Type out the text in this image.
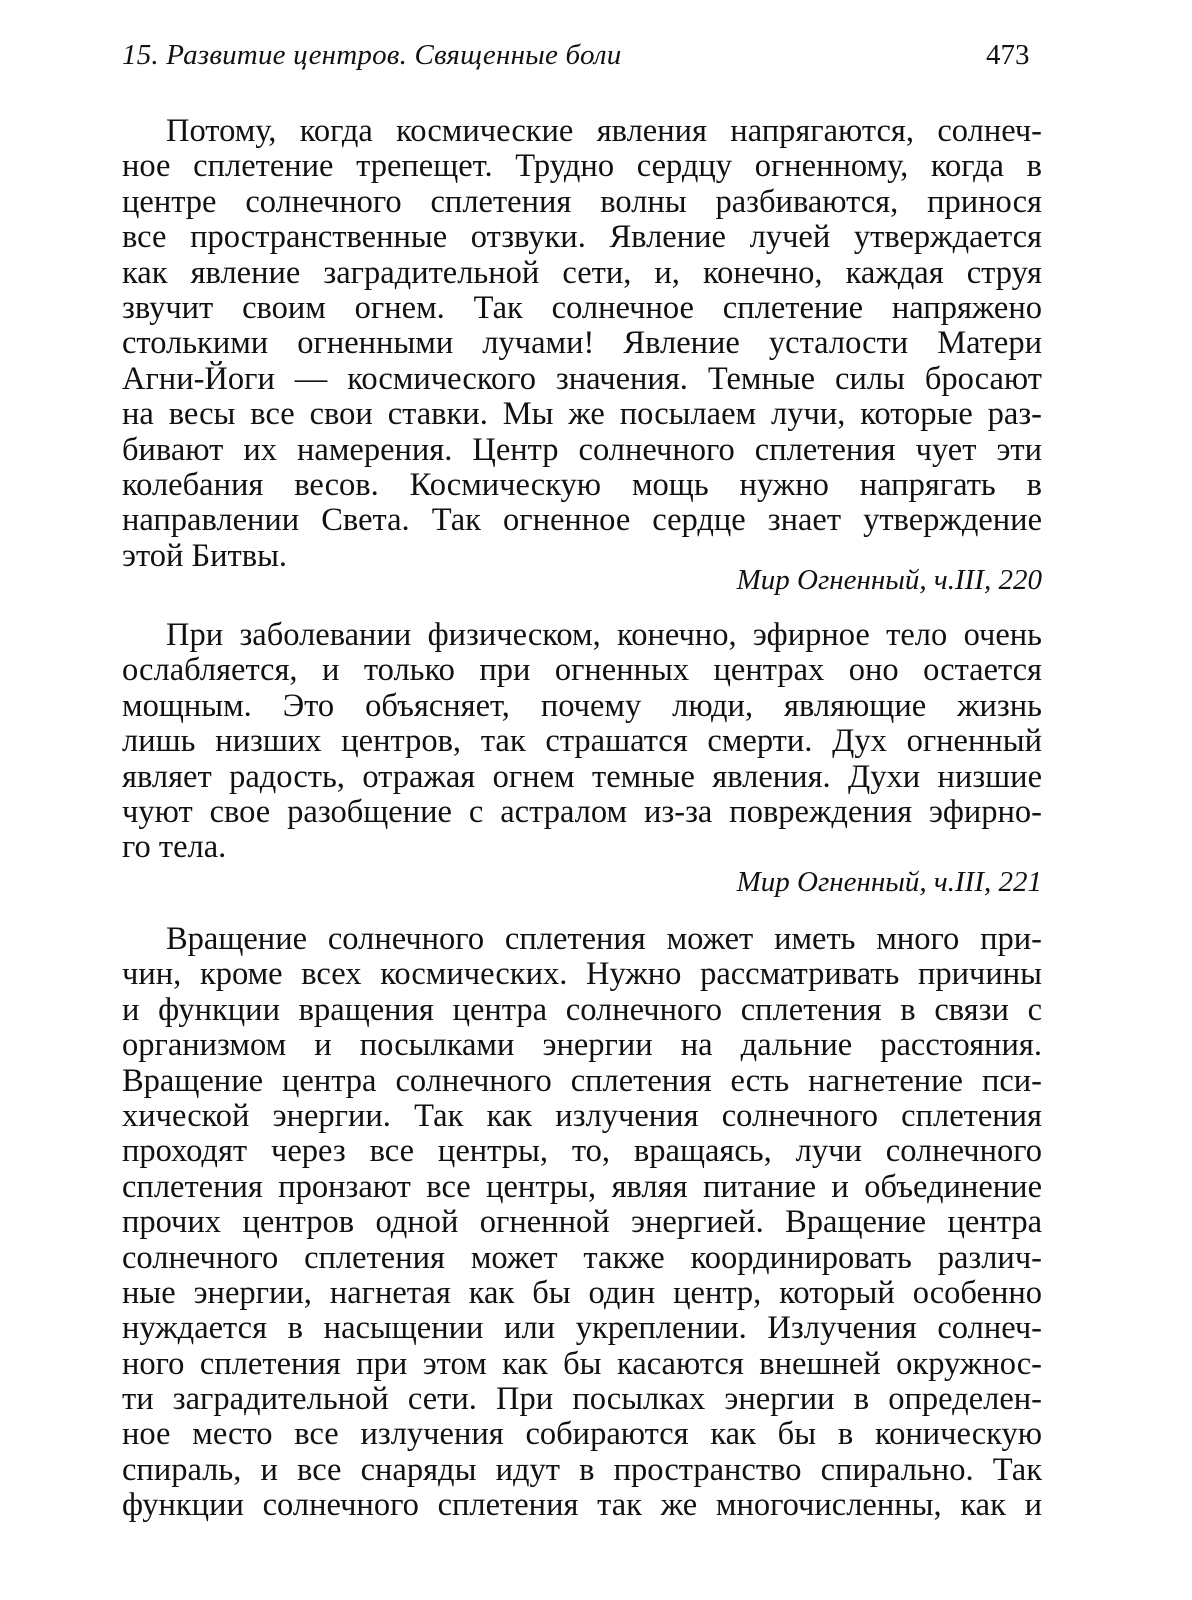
15. Развитие центров. Священные боли	473
Потому, когда космические явления напрягаются, солнеч-
ное сплетение трепещет. Трудно сердцу огненному, когда в
центре солнечного сплетения волны разбиваются, принося
все пространственные отзвуки. Явление лучей утверждается
как явление заградительной сети, и, конечно, каждая струя
звучит своим огнем. Так солнечное сплетение напряжено
столькими огненными лучами! Явление усталости Матери
Агни-Йоги — космического значения. Темные силы бросают
на весы все свои ставки. Мы же посылаем лучи, которые раз-
бивают их намерения. Центр солнечного сплетения чует эти
колебания весов. Космическую мощь нужно напрягать в
направлении Света. Так огненное сердце знает утверждение
этой Битвы.
Мир Огненный, ч.III, 220
При заболевании физическом, конечно, эфирное тело очень
ослабляется, и только при огненных центрах оно остается
мощным. Это объясняет, почему люди, являющие жизнь
лишь низших центров, так страшатся смерти. Дух огненный
являет радость, отражая огнем темные явления. Духи низшие
чуют свое разобщение с астралом из-за повреждения эфирно-
го тела.
Мир Огненный, ч.III, 221
Вращение солнечного сплетения может иметь много при-
чин, кроме всех космических. Нужно рассматривать причины
и функции вращения центра солнечного сплетения в связи с
организмом и посылками энергии на дальние расстояния.
Вращение центра солнечного сплетения есть нагнетение пси-
хической энергии. Так как излучения солнечного сплетения
проходят через все центры, то, вращаясь, лучи солнечного
сплетения пронзают все центры, являя питание и объединение
прочих центров одной огненной энергией. Вращение центра
солнечного сплетения может также координировать различ-
ные энергии, нагнетая как бы один центр, который особенно
нуждается в насыщении или укреплении. Излучения солнеч-
ного сплетения при этом как бы касаются внешней окружнос-
ти заградительной сети. При посылках энергии в определен-
ное место все излучения собираются как бы в коническую
спираль, и все снаряды идут в пространство спирально. Так
функции солнечного сплетения так же многочисленны, как и
